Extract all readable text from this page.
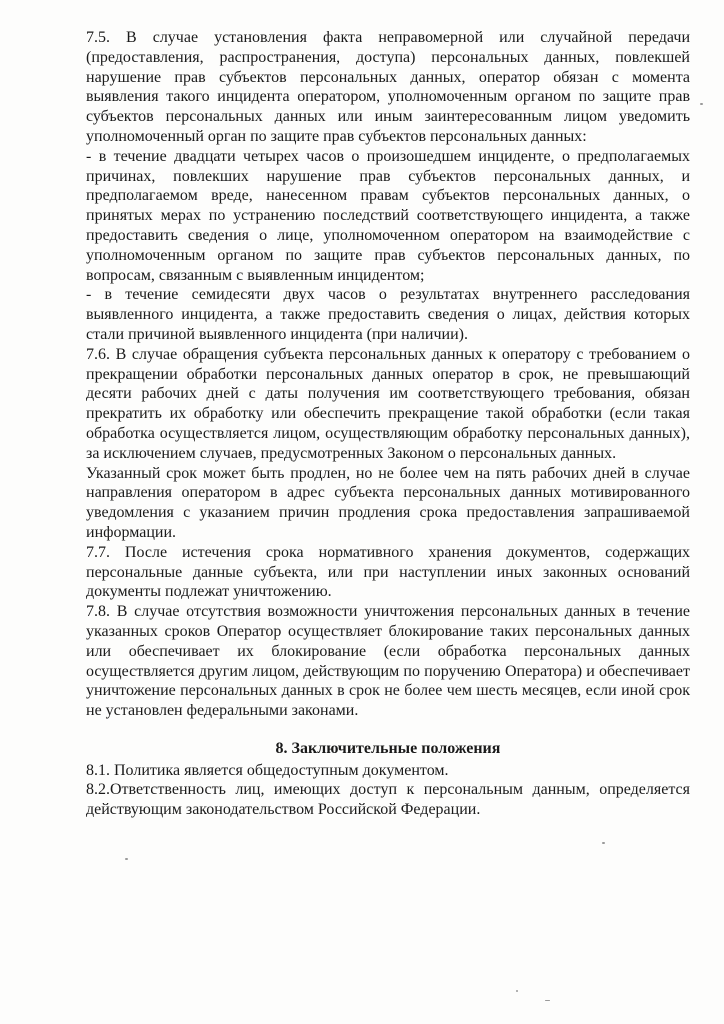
7.5. В случае установления факта неправомерной или случайной передачи (предоставления, распространения, доступа) персональных данных, повлекшей нарушение прав субъектов персональных данных, оператор обязан с момента выявления такого инцидента оператором, уполномоченным органом по защите прав субъектов персональных данных или иным заинтересованным лицом уведомить уполномоченный орган по защите прав субъектов персональных данных:

- в течение двадцати четырех часов о произошедшем инциденте, о предполагаемых причинах, повлекших нарушение прав субъектов персональных данных, и предполагаемом вреде, нанесенном правам субъектов персональных данных, о принятых мерах по устранению последствий соответствующего инцидента, а также предоставить сведения о лице, уполномоченном оператором на взаимодействие с уполномоченным органом по защите прав субъектов персональных данных, по вопросам, связанным с выявленным инцидентом;

- в течение семидесяти двух часов о результатах внутреннего расследования выявленного инцидента, а также предоставить сведения о лицах, действия которых стали причиной выявленного инцидента (при наличии).

7.6. В случае обращения субъекта персональных данных к оператору с требованием о прекращении обработки персональных данных оператор в срок, не превышающий десяти рабочих дней с даты получения им соответствующего требования, обязан прекратить их обработку или обеспечить прекращение такой обработки (если такая обработка осуществляется лицом, осуществляющим обработку персональных данных), за исключением случаев, предусмотренных Законом о персональных данных.

Указанный срок может быть продлен, но не более чем на пять рабочих дней в случае направления оператором в адрес субъекта персональных данных мотивированного уведомления с указанием причин продления срока предоставления запрашиваемой информации.

7.7. После истечения срока нормативного хранения документов, содержащих персональные данные субъекта, или при наступлении иных законных оснований документы подлежат уничтожению.

7.8. В случае отсутствия возможности уничтожения персональных данных в течение указанных сроков Оператор осуществляет блокирование таких персональных данных или обеспечивает их блокирование (если обработка персональных данных осуществляется другим лицом, действующим по поручению Оператора) и обеспечивает уничтожение персональных данных в срок не более чем шесть месяцев, если иной срок не установлен федеральными законами.

8. Заключительные положения

8.1. Политика является общедоступным документом.

8.2.Ответственность лиц, имеющих доступ к персональным данным, определяется действующим законодательством Российской Федерации.
